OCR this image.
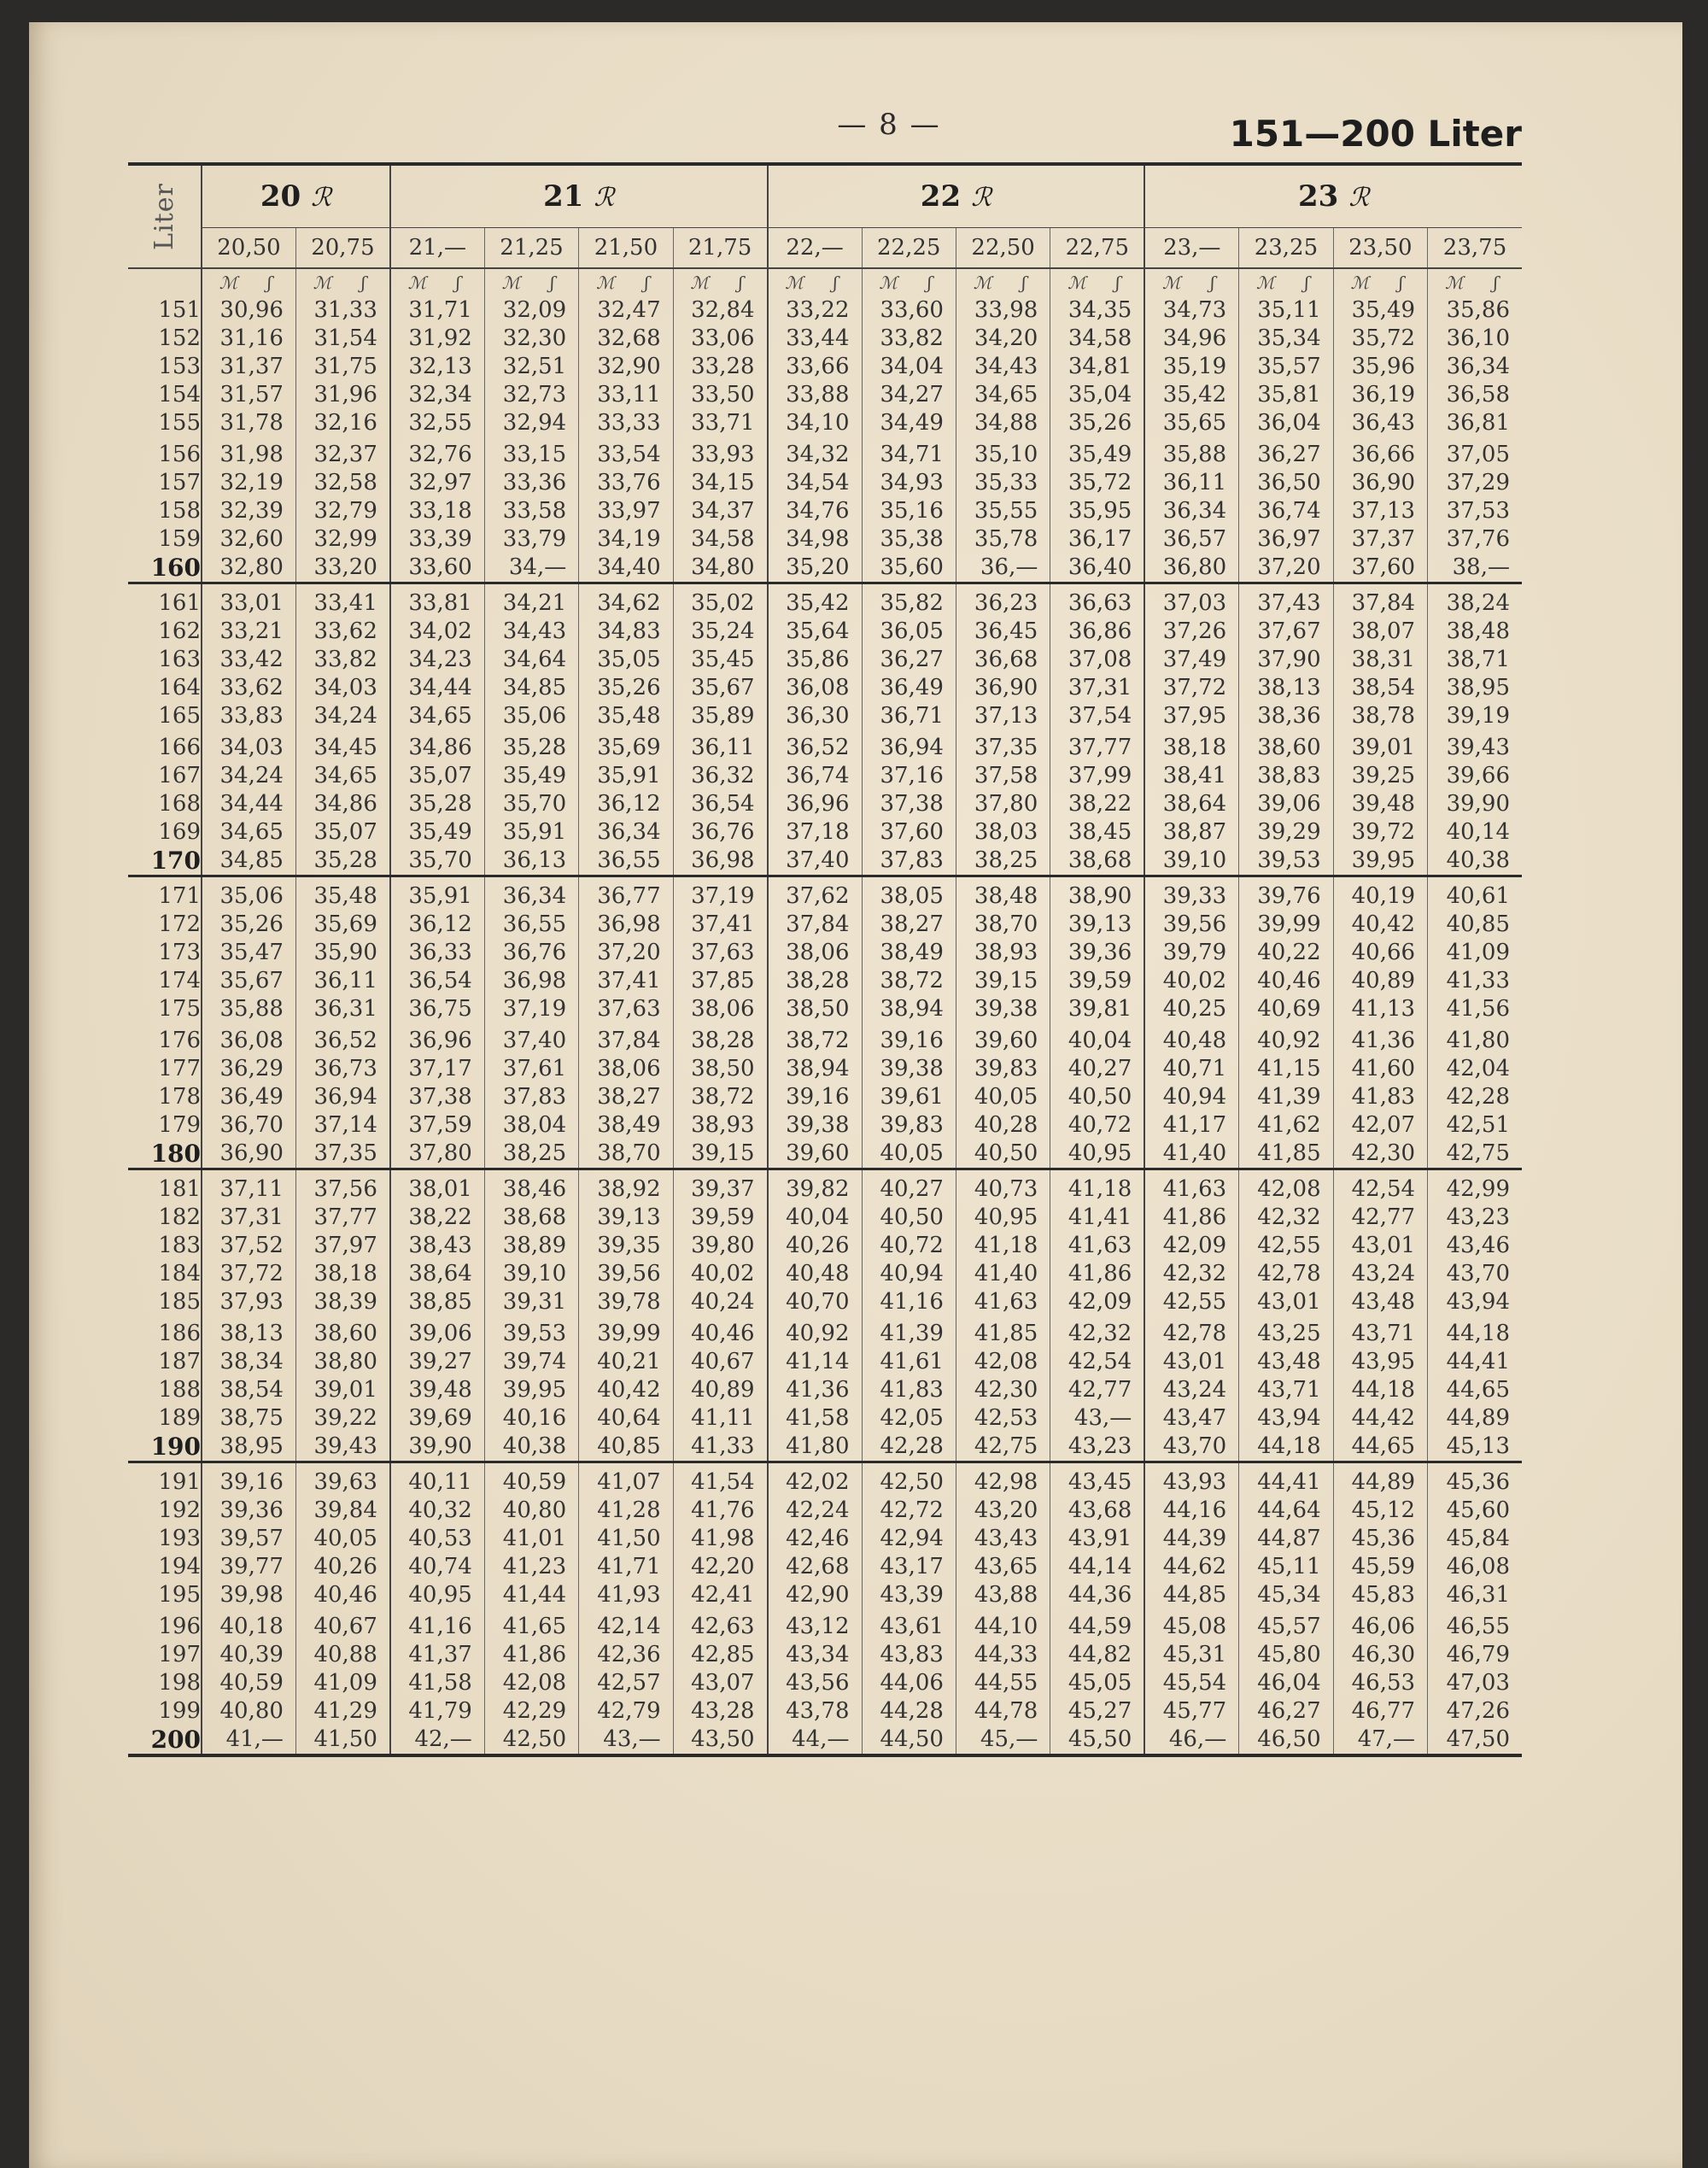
— 8 —	151—200 Liter
Liter	20 ℛ		21 ℛ				22 ℛ				23 ℛ			
	20,50	20,75	21,—	21,25	21,50	21,75	22,—	22,25	22,50	22,75	23,—	23,25	23,50	23,75
	ℳ ʃ	ℳ ʃ	ℳ ʃ	ℳ ʃ	ℳ ʃ	ℳ ʃ	ℳ ʃ	ℳ ʃ	ℳ ʃ	ℳ ʃ	ℳ ʃ	ℳ ʃ	ℳ ʃ	ℳ ʃ
151	30,96	31,33	31,71	32,09	32,47	32,84	33,22	33,60	33,98	34,35	34,73	35,11	35,49	35,86
152	31,16	31,54	31,92	32,30	32,68	33,06	33,44	33,82	34,20	34,58	34,96	35,34	35,72	36,10
153	31,37	31,75	32,13	32,51	32,90	33,28	33,66	34,04	34,43	34,81	35,19	35,57	35,96	36,34
154	31,57	31,96	32,34	32,73	33,11	33,50	33,88	34,27	34,65	35,04	35,42	35,81	36,19	36,58
155	31,78	32,16	32,55	32,94	33,33	33,71	34,10	34,49	34,88	35,26	35,65	36,04	36,43	36,81
156	31,98	32,37	32,76	33,15	33,54	33,93	34,32	34,71	35,10	35,49	35,88	36,27	36,66	37,05
157	32,19	32,58	32,97	33,36	33,76	34,15	34,54	34,93	35,33	35,72	36,11	36,50	36,90	37,29
158	32,39	32,79	33,18	33,58	33,97	34,37	34,76	35,16	35,55	35,95	36,34	36,74	37,13	37,53
159	32,60	32,99	33,39	33,79	34,19	34,58	34,98	35,38	35,78	36,17	36,57	36,97	37,37	37,76
160	32,80	33,20	33,60	34,—	34,40	34,80	35,20	35,60	36,—	36,40	36,80	37,20	37,60	38,—
161	33,01	33,41	33,81	34,21	34,62	35,02	35,42	35,82	36,23	36,63	37,03	37,43	37,84	38,24
162	33,21	33,62	34,02	34,43	34,83	35,24	35,64	36,05	36,45	36,86	37,26	37,67	38,07	38,48
163	33,42	33,82	34,23	34,64	35,05	35,45	35,86	36,27	36,68	37,08	37,49	37,90	38,31	38,71
164	33,62	34,03	34,44	34,85	35,26	35,67	36,08	36,49	36,90	37,31	37,72	38,13	38,54	38,95
165	33,83	34,24	34,65	35,06	35,48	35,89	36,30	36,71	37,13	37,54	37,95	38,36	38,78	39,19
166	34,03	34,45	34,86	35,28	35,69	36,11	36,52	36,94	37,35	37,77	38,18	38,60	39,01	39,43
167	34,24	34,65	35,07	35,49	35,91	36,32	36,74	37,16	37,58	37,99	38,41	38,83	39,25	39,66
168	34,44	34,86	35,28	35,70	36,12	36,54	36,96	37,38	37,80	38,22	38,64	39,06	39,48	39,90
169	34,65	35,07	35,49	35,91	36,34	36,76	37,18	37,60	38,03	38,45	38,87	39,29	39,72	40,14
170	34,85	35,28	35,70	36,13	36,55	36,98	37,40	37,83	38,25	38,68	39,10	39,53	39,95	40,38
171	35,06	35,48	35,91	36,34	36,77	37,19	37,62	38,05	38,48	38,90	39,33	39,76	40,19	40,61
172	35,26	35,69	36,12	36,55	36,98	37,41	37,84	38,27	38,70	39,13	39,56	39,99	40,42	40,85
173	35,47	35,90	36,33	36,76	37,20	37,63	38,06	38,49	38,93	39,36	39,79	40,22	40,66	41,09
174	35,67	36,11	36,54	36,98	37,41	37,85	38,28	38,72	39,15	39,59	40,02	40,46	40,89	41,33
175	35,88	36,31	36,75	37,19	37,63	38,06	38,50	38,94	39,38	39,81	40,25	40,69	41,13	41,56
176	36,08	36,52	36,96	37,40	37,84	38,28	38,72	39,16	39,60	40,04	40,48	40,92	41,36	41,80
177	36,29	36,73	37,17	37,61	38,06	38,50	38,94	39,38	39,83	40,27	40,71	41,15	41,60	42,04
178	36,49	36,94	37,38	37,83	38,27	38,72	39,16	39,61	40,05	40,50	40,94	41,39	41,83	42,28
179	36,70	37,14	37,59	38,04	38,49	38,93	39,38	39,83	40,28	40,72	41,17	41,62	42,07	42,51
180	36,90	37,35	37,80	38,25	38,70	39,15	39,60	40,05	40,50	40,95	41,40	41,85	42,30	42,75
181	37,11	37,56	38,01	38,46	38,92	39,37	39,82	40,27	40,73	41,18	41,63	42,08	42,54	42,99
182	37,31	37,77	38,22	38,68	39,13	39,59	40,04	40,50	40,95	41,41	41,86	42,32	42,77	43,23
183	37,52	37,97	38,43	38,89	39,35	39,80	40,26	40,72	41,18	41,63	42,09	42,55	43,01	43,46
184	37,72	38,18	38,64	39,10	39,56	40,02	40,48	40,94	41,40	41,86	42,32	42,78	43,24	43,70
185	37,93	38,39	38,85	39,31	39,78	40,24	40,70	41,16	41,63	42,09	42,55	43,01	43,48	43,94
186	38,13	38,60	39,06	39,53	39,99	40,46	40,92	41,39	41,85	42,32	42,78	43,25	43,71	44,18
187	38,34	38,80	39,27	39,74	40,21	40,67	41,14	41,61	42,08	42,54	43,01	43,48	43,95	44,41
188	38,54	39,01	39,48	39,95	40,42	40,89	41,36	41,83	42,30	42,77	43,24	43,71	44,18	44,65
189	38,75	39,22	39,69	40,16	40,64	41,11	41,58	42,05	42,53	43,—	43,47	43,94	44,42	44,89
190	38,95	39,43	39,90	40,38	40,85	41,33	41,80	42,28	42,75	43,23	43,70	44,18	44,65	45,13
191	39,16	39,63	40,11	40,59	41,07	41,54	42,02	42,50	42,98	43,45	43,93	44,41	44,89	45,36
192	39,36	39,84	40,32	40,80	41,28	41,76	42,24	42,72	43,20	43,68	44,16	44,64	45,12	45,60
193	39,57	40,05	40,53	41,01	41,50	41,98	42,46	42,94	43,43	43,91	44,39	44,87	45,36	45,84
194	39,77	40,26	40,74	41,23	41,71	42,20	42,68	43,17	43,65	44,14	44,62	45,11	45,59	46,08
195	39,98	40,46	40,95	41,44	41,93	42,41	42,90	43,39	43,88	44,36	44,85	45,34	45,83	46,31
196	40,18	40,67	41,16	41,65	42,14	42,63	43,12	43,61	44,10	44,59	45,08	45,57	46,06	46,55
197	40,39	40,88	41,37	41,86	42,36	42,85	43,34	43,83	44,33	44,82	45,31	45,80	46,30	46,79
198	40,59	41,09	41,58	42,08	42,57	43,07	43,56	44,06	44,55	45,05	45,54	46,04	46,53	47,03
199	40,80	41,29	41,79	42,29	42,79	43,28	43,78	44,28	44,78	45,27	45,77	46,27	46,77	47,26
200	41,—	41,50	42,—	42,50	43,—	43,50	44,—	44,50	45,—	45,50	46,—	46,50	47,—	47,50
